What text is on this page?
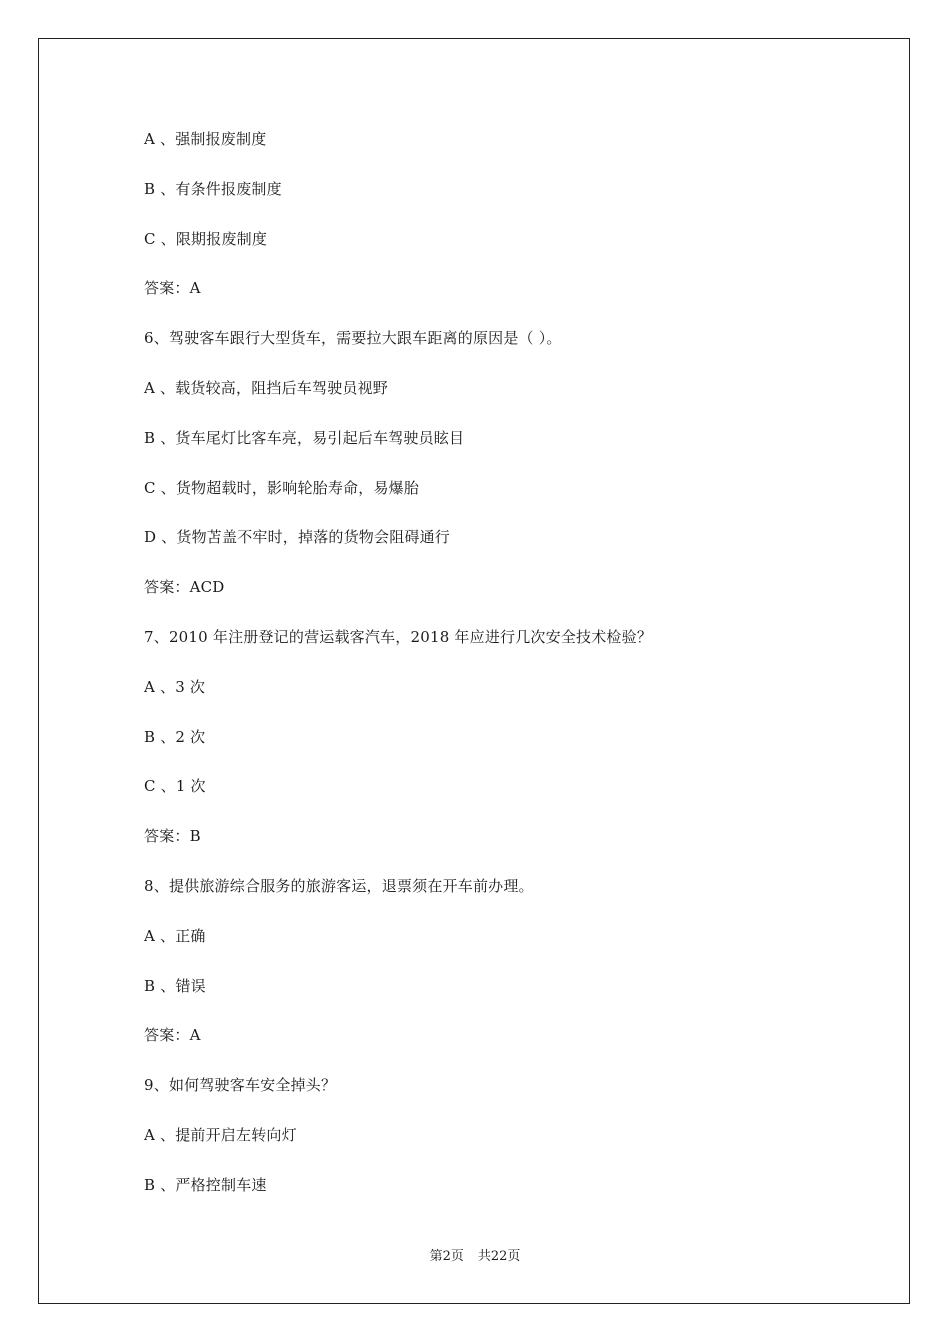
A 、强制报废制度
B 、有条件报废制度
C 、限期报废制度
答案：A
6、驾驶客车跟行大型货车，需要拉大跟车距离的原因是（ ）。
A 、载货较高，阻挡后车驾驶员视野
B 、货车尾灯比客车亮，易引起后车驾驶员眩目
C 、货物超载时，影响轮胎寿命，易爆胎
D 、货物苫盖不牢时，掉落的货物会阻碍通行
答案：ACD
7、2010 年注册登记的营运载客汽车，2018 年应进行几次安全技术检验？
A 、3 次
B 、2 次
C 、1 次
答案：B
8、提供旅游综合服务的旅游客运，退票须在开车前办理。
A 、正确
B 、错误
答案：A
9、如何驾驶客车安全掉头？
A 、提前开启左转向灯
B 、严格控制车速
第2页 共22页
